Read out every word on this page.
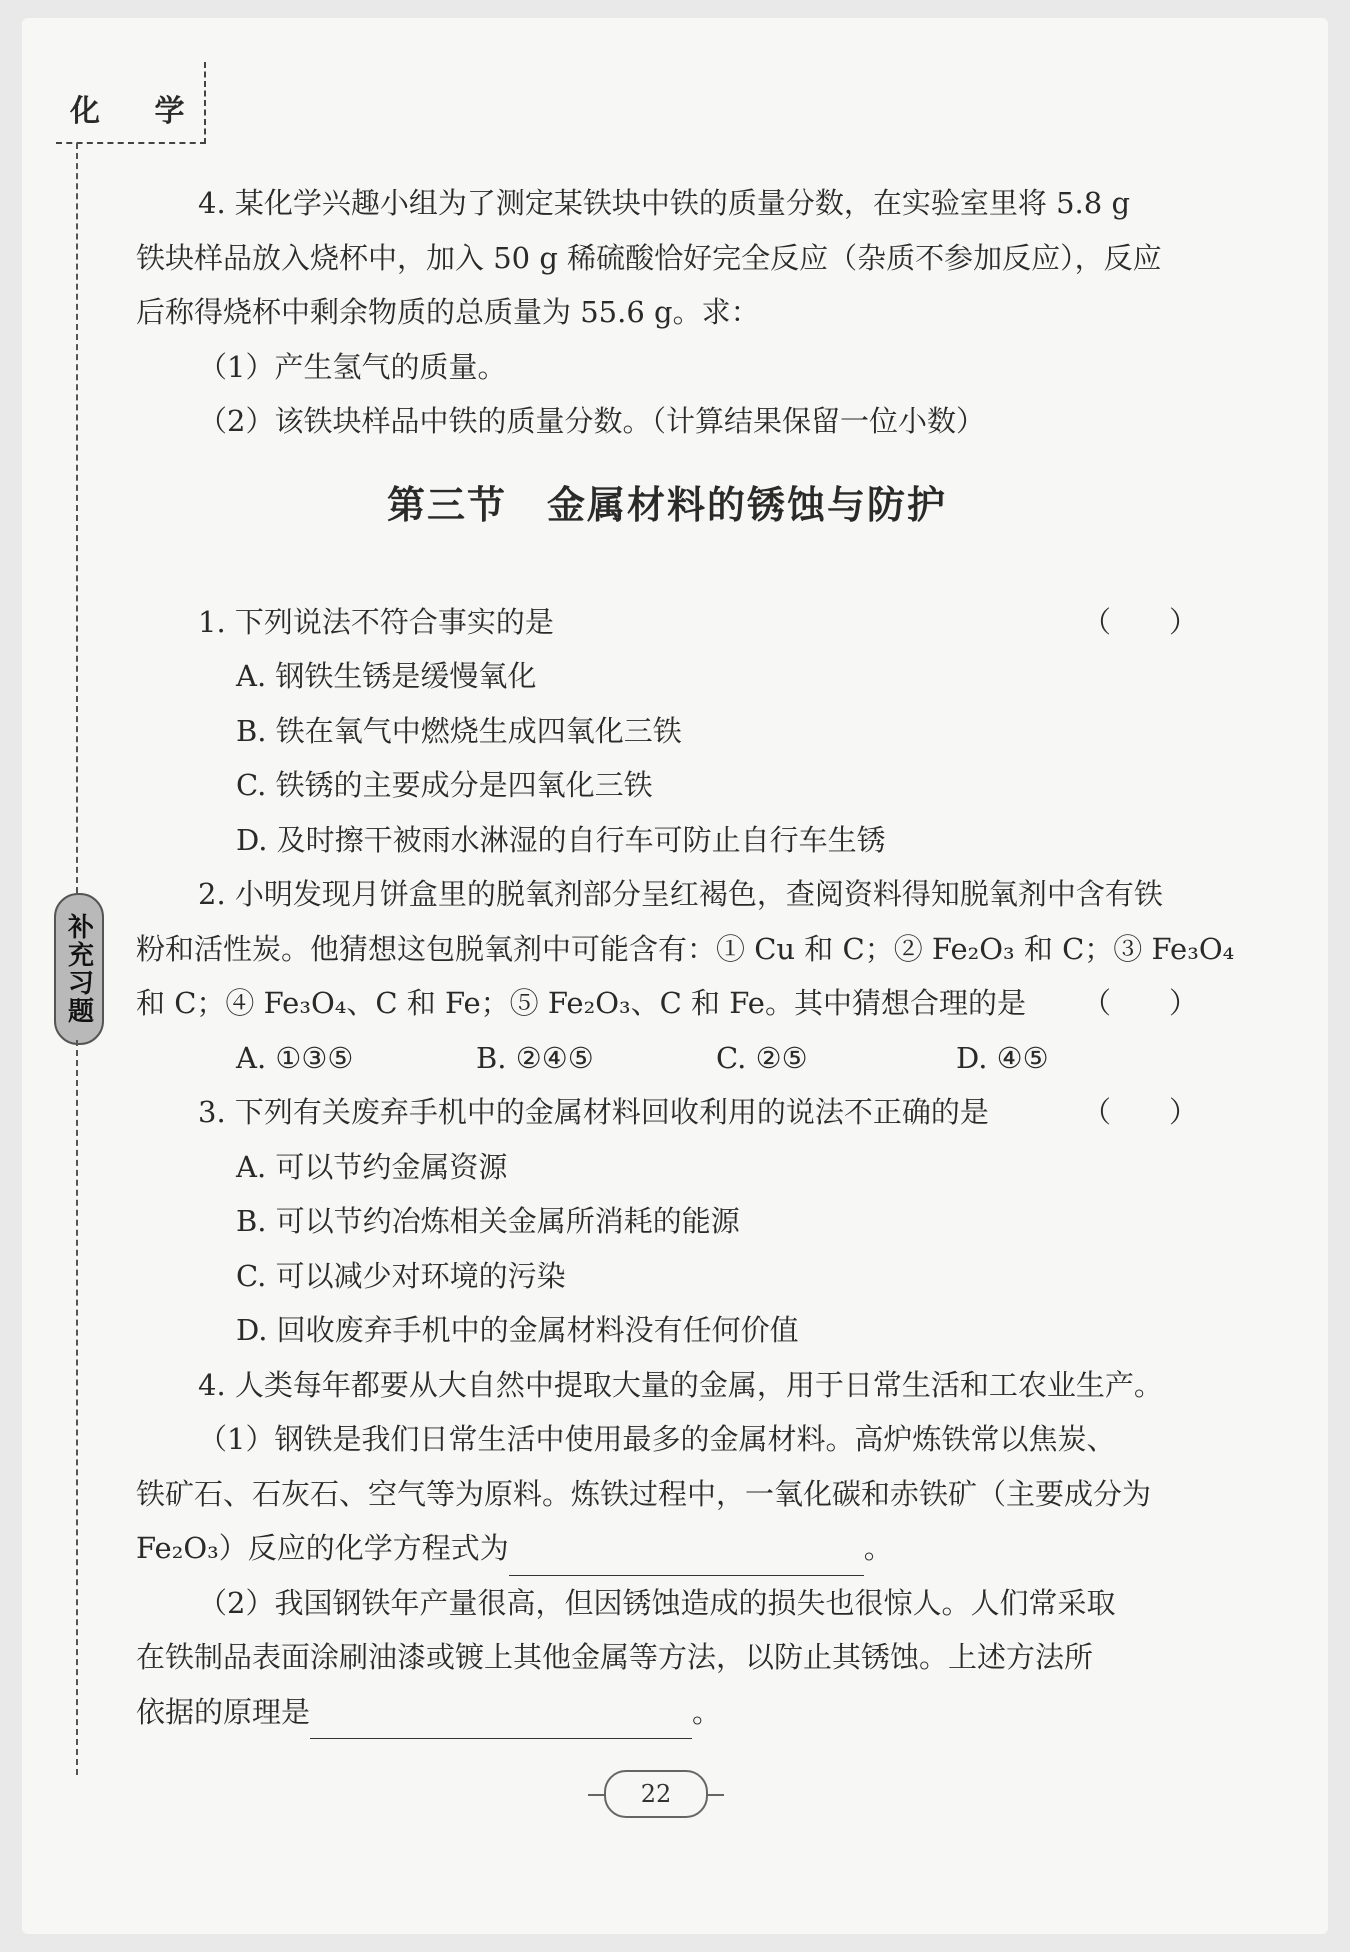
化 学
补充习题
4. 某化学兴趣小组为了测定某铁块中铁的质量分数，在实验室里将 5.8 g
铁块样品放入烧杯中，加入 50 g 稀硫酸恰好完全反应（杂质不参加反应），反应
后称得烧杯中剩余物质的总质量为 55.6 g。求：
（1）产生氢气的质量。
（2）该铁块样品中铁的质量分数。（计算结果保留一位小数）
第三节 金属材料的锈蚀与防护
1. 下列说法不符合事实的是	（　　）
A. 钢铁生锈是缓慢氧化
B. 铁在氧气中燃烧生成四氧化三铁
C. 铁锈的主要成分是四氧化三铁
D. 及时擦干被雨水淋湿的自行车可防止自行车生锈
2. 小明发现月饼盒里的脱氧剂部分呈红褐色，查阅资料得知脱氧剂中含有铁
粉和活性炭。他猜想这包脱氧剂中可能含有：① Cu 和 C；② Fe₂O₃ 和 C；③ Fe₃O₄
和 C；④ Fe₃O₄、C 和 Fe；⑤ Fe₂O₃、C 和 Fe。其中猜想合理的是 （　　）
A. ①③⑤	B. ②④⑤	C. ②⑤	D. ④⑤
3. 下列有关废弃手机中的金属材料回收利用的说法不正确的是	（　　）
A. 可以节约金属资源
B. 可以节约冶炼相关金属所消耗的能源
C. 可以减少对环境的污染
D. 回收废弃手机中的金属材料没有任何价值
4. 人类每年都要从大自然中提取大量的金属，用于日常生活和工农业生产。
（1）钢铁是我们日常生活中使用最多的金属材料。高炉炼铁常以焦炭、
铁矿石、石灰石、空气等为原料。炼铁过程中，一氧化碳和赤铁矿（主要成分为
Fe₂O₃）反应的化学方程式为	。
（2）我国钢铁年产量很高，但因锈蚀造成的损失也很惊人。人们常采取
在铁制品表面涂刷油漆或镀上其他金属等方法，以防止其锈蚀。上述方法所
依据的原理是	。
22
